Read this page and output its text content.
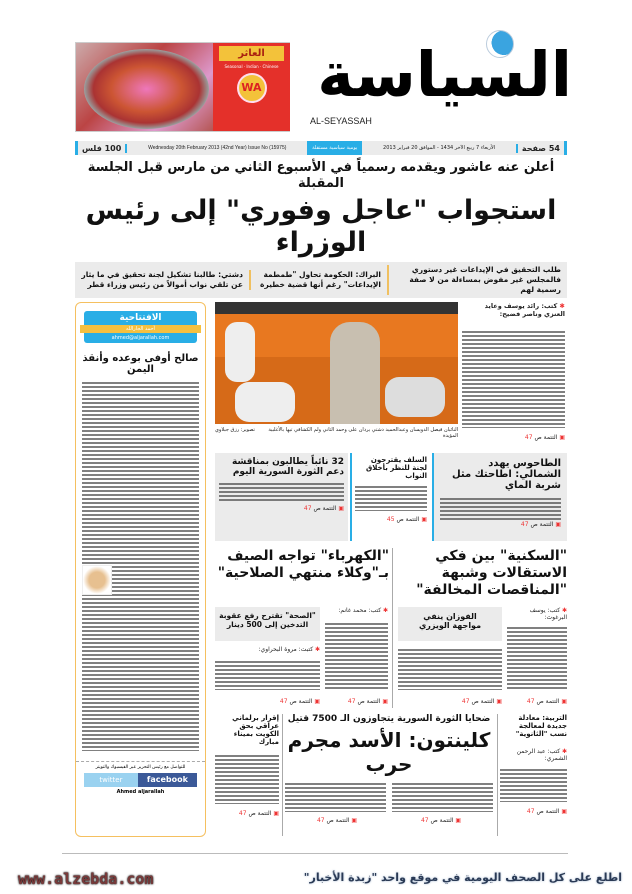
العاثر
Seasonal · Indian · Chinese
WA السياسة
AL-SEYASSAH
54 صفحة
الأربعاء 7 ربيع الآخر 1434 - الموافق 20 فبراير 2013
يومية سياسية مستقلة
Wednesday 20th February 2013 (42nd Year) Issue No (15975)
100 فلس
أعلن عنه عاشور ويقدمه رسمياً في الأسبوع الثاني من مارس قبل الجلسة المقبلة
استجواب "عاجل وفوري" إلى رئيس الوزراء
طلب التحقيق في الإيداعات غير دستوري فالمجلس غير مفوض بمساءلة من لا صفة رسمية لهم
البراك: الحكومة تحاول "طمطمة الإيداعات" رغم أنها قضية خطيرة
دشتي: طالبنا تشكيل لجنة تحقيق في ما يثار عن تلقي نواب أموالاً من رئيس وزراء قطر
الافتتاحية
أحمد الجارالله
ahmed@aljarallah.com
صالح أوفى بوعده وأنقذ اليمن
للتواصل مع رئيس التحرير عبر الفيسبوك والتويتر
twitter	facebook
Ahmed aljarallah
النائبان فيصل الدويسان وعبدالحميد دشتي يردان على وحمد الثاني ولم الكشافي تيها بالأغلبية المؤيدة
تصوير: رزق جبلاوي
✱ كتب: رائد يوسف وعايد العنزي وناصر فضيح:
▣ التتمة ص 47
الطاحوس يهدد الشمالي: اطاحتك مثل شربة الماي
▣ التتمة ص 47
السلف يقترحون لجنة للنظر بأخلاق النواب
▣ التتمة ص 45
32 نائباً يطالبون بمناقشة دعم الثورة السورية اليوم
▣ التتمة ص 47
"السكنية" بين فكي الاستقالات وشبهة "المناقصات المخالفة"
✱ كتب: يوسف البرغوث:
الفوزان ينفي مواجهة الويزري
▣ التتمة ص 47
▣ التتمة ص 47
"الكهرباء" تواجه الصيف بـ"وكلاء منتهي الصلاحية"
✱ كتب: محمد غانم:
"الصحة" تقترح رفع عقوبة التدخين إلى 500 دينار
✱ كتبت: مروة البحراوي:
▣ التتمة ص 47
▣ التتمة ص 47
التربية: معادلة جديدة لمعالجة نسب "الثانوية"
✱ كتب: عبد الرحمن الشمري:
▣ التتمة ص 47
ضحايا الثورة السورية يتجاوزون الـ 7500 قتيل
كلينتون: الأسد مجرم حرب
▣ التتمة ص 47
▣ التتمة ص 47
إقرار برلماني عراقي بحق الكويت بميناء مبارك
▣ التتمة ص 47
www.alzebda.com	اطلع على كل الصحف اليومية في موقع واحد "زبدة الأخبار"
